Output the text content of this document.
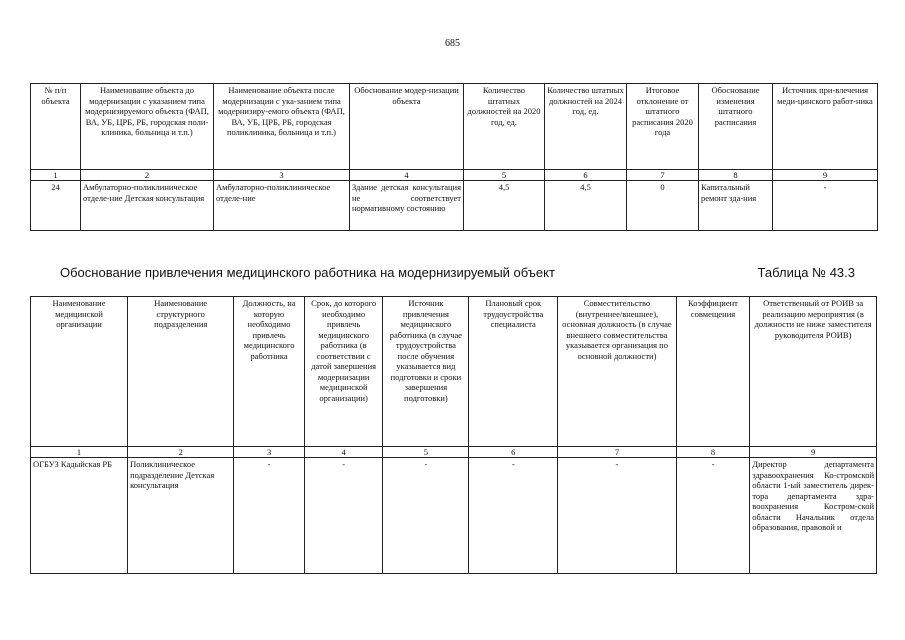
685
№ п/п объекта	Наименование объекта до модернизации с указанием типа модернизируемого объекта (ФАП, ВА, УБ, ЦРБ, РБ, городская поли-клиника, больница и т.п.)	Наименование объекта после модернизации с ука-занием типа модернизиру-емого объекта (ФАП, ВА, УБ, ЦРБ, РБ, городская поликлиника, больница и т.п.)	Обоснование модер-низации объекта	Количество штатных должностей на 2020 год, ед.	Количество штатных должностей на 2024 год, ед.	Итоговое отклонение от штатного расписания 2020 года	Обоснование изменения штатного расписания	Источник при-влечения меди-цинского работ-ника
1	2	3	4	5	6	7	8	9
24	Амбулаторно-поликлиническое отделе-ние Детская консультация	Амбулаторно-поликлиническое отделе-ние	Здание детская консультация не соответствует нормативному состоянию	4,5	4,5	0	Капитальный ремонт зда-ния	-
Обоснование привлечения медицинского работника на модернизируемый объект	Таблица № 43.3
Наименование медицинской организации	Наименование структурного подразделения	Должность, на которую необходимо привлечь медицинского работника	Срок, до которого необходимо привлечь медицинского работника (в соответствии с датой завершения модернизации медицинской организации)	Источник привлечения медицинского работника (в случае трудоустройства после обучения указывается вид подготовки и сроки завершения подготовки)	Плановый срок трудоустройства специалиста	Совместительство (внутреннее/внешнее), основная должность (в случае внешнего совместительства указывается организация по основной должности)	Коэффициент совмещения	Ответственный от РОИВ за реализацию мероприятия (в должности не ниже заместителя руководителя РОИВ)
1	2	3	4	5	6	7	8	9
ОГБУЗ Кадыйская РБ	Поликлиническое подразделение Детская консультация	-	-	-	-	-	-	Директор департамента здравоохранения Ко-стромской области 1-ый заместитель дирек-тора департамента здра-воохранения Костром-ской области Начальник отдела образования, правовой и
